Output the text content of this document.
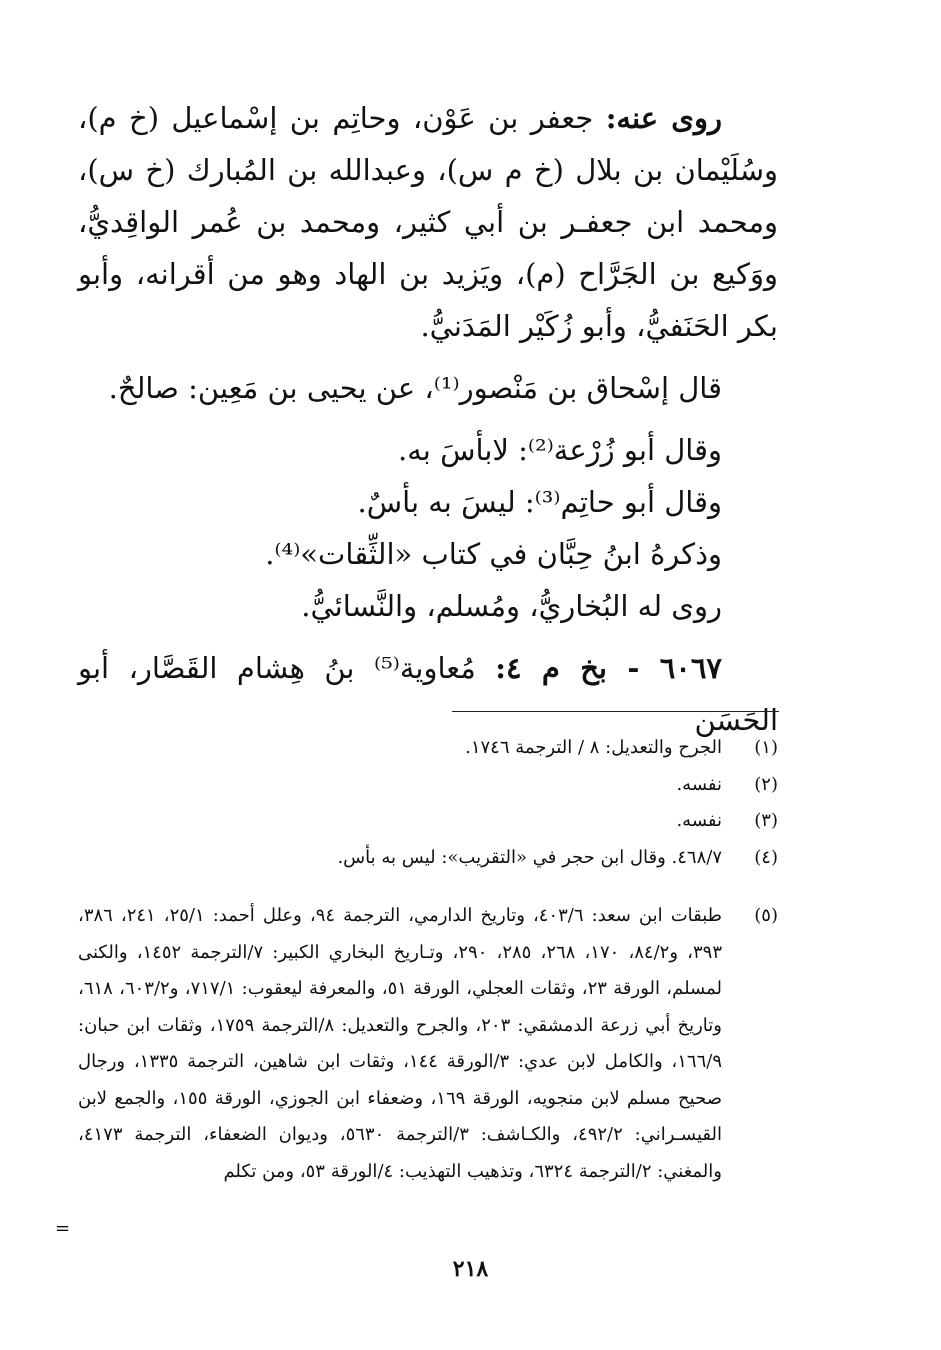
روى عنه: جعفر بن عَوْن، وحاتِم بن إسْماعيل (خ م)، وسُلَيْمان بن بلال (خ م س)، وعبدالله بن المُبارك (خ س)، ومحمد ابن جعفـر بن أبي كثير، ومحمد بن عُمر الواقِديُّ، ووَكيع بن الجَرَّاح (م)، ويَزيد بن الهاد وهو من أقرانه، وأبو بكر الحَنَفيُّ، وأبو زُكَيْر المَدَنيُّ.

قال إسْحاق بن مَنْصور⁽¹⁾، عن يحيى بن مَعِين: صالحٌ.

وقال أبو زُرْعة⁽²⁾: لابأسَ به.

وقال أبو حاتِم⁽³⁾: ليسَ به بأسٌ.

وذكرهُ ابنُ حِبَّان في كتاب «الثِّقات»⁽⁴⁾.

روى له البُخاريُّ، ومُسلم، والنَّسائيُّ.

٦٠٦٧ - بخ م ٤: مُعاوية⁽⁵⁾ بنُ هِشام القَصَّار، أبو الحَسَن

(١)
الجرح والتعديل: ٨ / الترجمة ١٧٤٦.
(٢)
نفسه.
(٣)
نفسه.
(٤)
٤٦٨/٧. وقال ابن حجر في «التقريب»: ليس به بأس.
(٥)
طبقات ابن سعد: ٤٠٣/٦، وتاريخ الدارمي، الترجمة ٩٤، وعلل أحمد: ٢٥/١، ٢٤١، ٣٨٦، ٣٩٣، و٨٤/٢، ١٧٠، ٢٦٨، ٢٨٥، ٢٩٠، وتـاريخ البخاري الكبير: ٧/الترجمة ١٤٥٢، والكنى لمسلم، الورقة ٢٣، وثقات العجلي، الورقة ٥١، والمعرفة ليعقوب: ٧١٧/١، و٦٠٣/٢، ٦١٨، وتاريخ أبي زرعة الدمشقي: ٢٠٣، والجرح والتعديل: ٨/الترجمة ١٧٥٩، وثقات ابن حبان: ١٦٦/٩، والكامل لابن عدي: ٣/الورقة ١٤٤، وثقات ابن شاهين، الترجمة ١٣٣٥، ورجال صحيح مسلم لابن منجويه، الورقة ١٦٩، وضعفاء ابن الجوزي، الورقة ١٥٥، والجمع لابن القيسـراني: ٤٩٢/٢، والكـاشف: ٣/الترجمة ٥٦٣٠، وديوان الضعفاء، الترجمة ٤١٧٣، والمغني: ٢/الترجمة ٦٣٢٤، وتذهيب التهذيب: ٤/الورقة ٥٣، ومن تكلم
=
٢١٨
